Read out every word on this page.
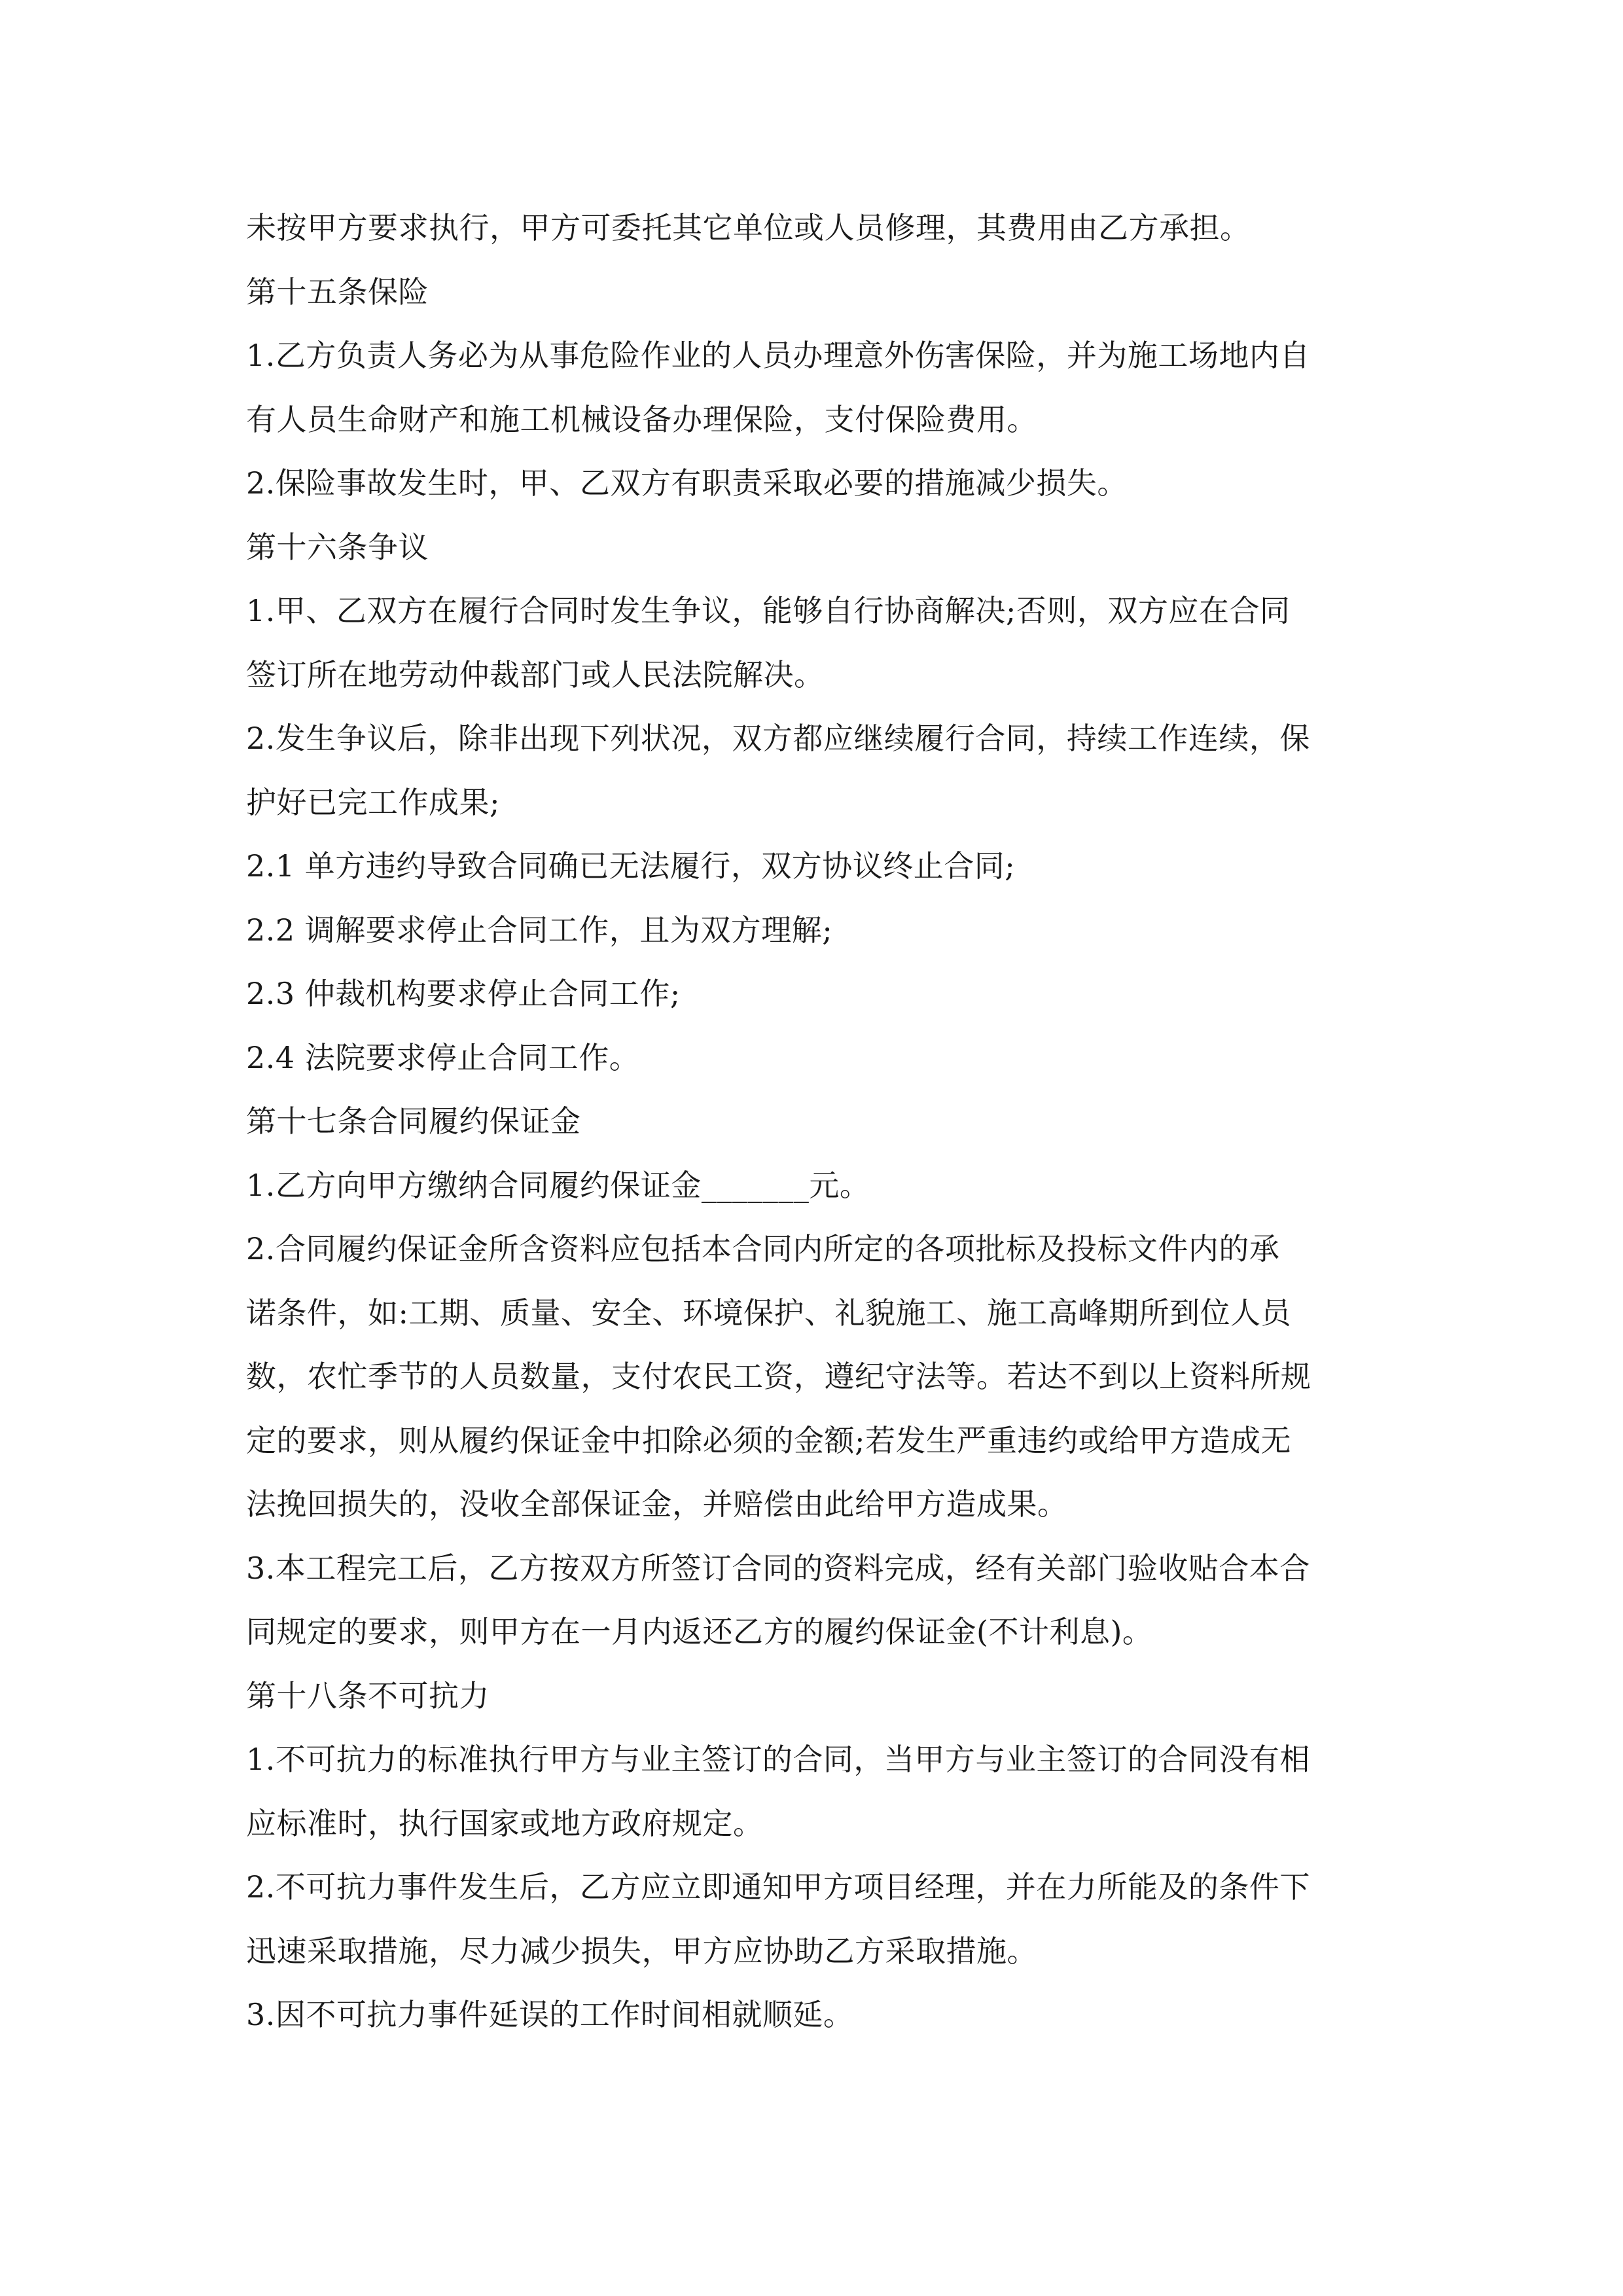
未按甲方要求执行，甲方可委托其它单位或人员修理，其费用由乙方承担。
第十五条保险
1.乙方负责人务必为从事危险作业的人员办理意外伤害保险，并为施工场地内自
有人员生命财产和施工机械设备办理保险，支付保险费用。
2.保险事故发生时，甲、乙双方有职责采取必要的措施减少损失。
第十六条争议
1.甲、乙双方在履行合同时发生争议，能够自行协商解决;否则，双方应在合同
签订所在地劳动仲裁部门或人民法院解决。
2.发生争议后，除非出现下列状况，双方都应继续履行合同，持续工作连续，保
护好已完工作成果;
2.1 单方违约导致合同确已无法履行，双方协议终止合同;
2.2 调解要求停止合同工作，且为双方理解;
2.3 仲裁机构要求停止合同工作;
2.4 法院要求停止合同工作。
第十七条合同履约保证金
1.乙方向甲方缴纳合同履约保证金_______元。
2.合同履约保证金所含资料应包括本合同内所定的各项批标及投标文件内的承
诺条件，如:工期、质量、安全、环境保护、礼貌施工、施工高峰期所到位人员
数，农忙季节的人员数量，支付农民工资，遵纪守法等。若达不到以上资料所规
定的要求，则从履约保证金中扣除必须的金额;若发生严重违约或给甲方造成无
法挽回损失的，没收全部保证金，并赔偿由此给甲方造成果。
3.本工程完工后，乙方按双方所签订合同的资料完成，经有关部门验收贴合本合
同规定的要求，则甲方在一月内返还乙方的履约保证金(不计利息)。
第十八条不可抗力
1.不可抗力的标准执行甲方与业主签订的合同，当甲方与业主签订的合同没有相
应标准时，执行国家或地方政府规定。
2.不可抗力事件发生后，乙方应立即通知甲方项目经理，并在力所能及的条件下
迅速采取措施，尽力减少损失，甲方应协助乙方采取措施。
3.因不可抗力事件延误的工作时间相就顺延。
